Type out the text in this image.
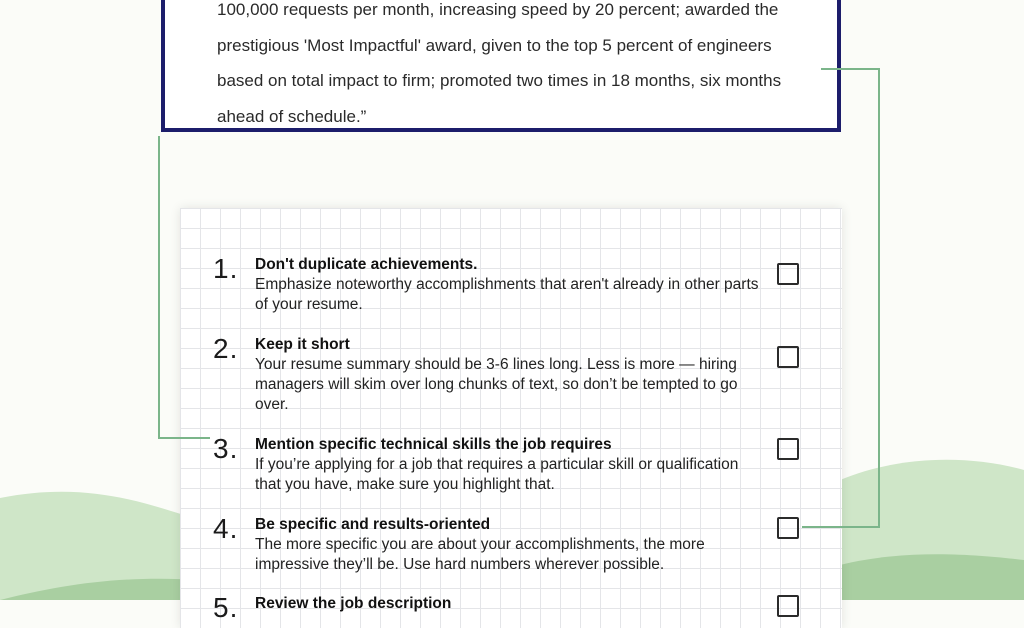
100,000 requests per month, increasing speed by 20 percent; awarded the
prestigious 'Most Impactful' award, given to the top 5 percent of engineers
based on total impact to firm; promoted two times in 18 months, six months
ahead of schedule.”

1. Don't duplicate achievements.

Emphasize noteworthy accomplishments that aren't already in other parts of your resume.

2. Keep it short

Your resume summary should be 3-6 lines long. Less is more — hiring managers will skim over long chunks of text, so don’t be tempted to go over.

3. Mention specific technical skills the job requires

If you’re applying for a job that requires a particular skill or qualification that you have, make sure you highlight that.

4. Be specific and results-oriented

The more specific you are about your accomplishments, the more impressive they’ll be. Use hard numbers wherever possible.

5. Review the job description
